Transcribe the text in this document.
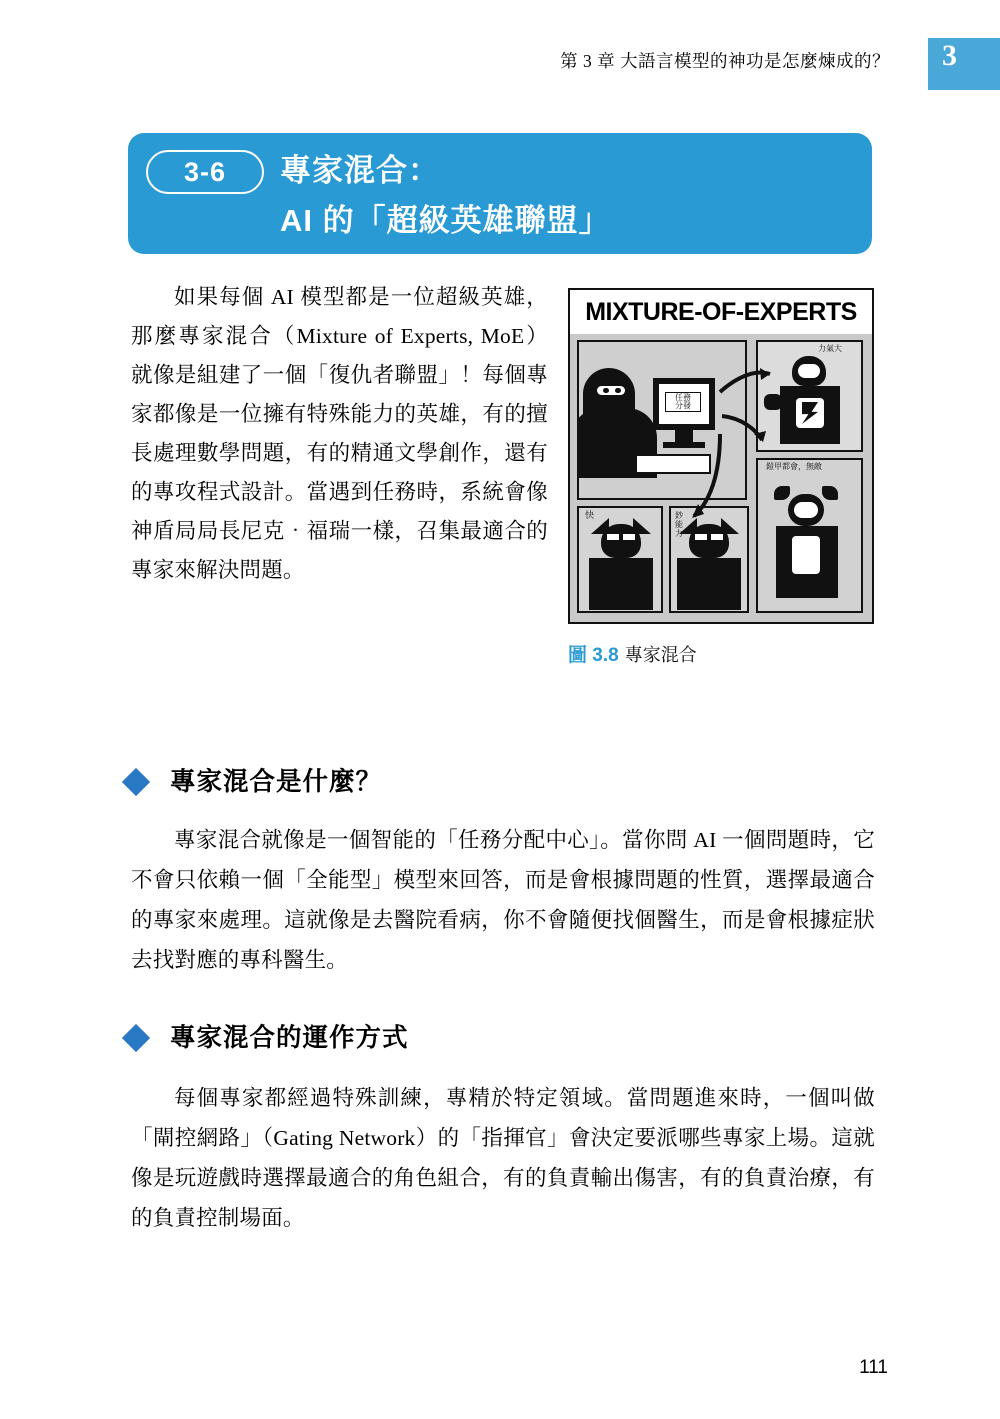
第 3 章 大語言模型的神功是怎麼煉成的？ 3
3-6	專家混合：
AI 的「超級英雄聯盟」

如果每個 AI 模型都是一位超級英雄，那麼專家混合（Mixture of Experts, MoE）就像是組建了一個「復仇者聯盟」！每個專家都像是一位擁有特殊能力的英雄，有的擅長處理數學問題，有的精通文學創作，還有的專攻程式設計。當遇到任務時，系統會像神盾局局長尼克‧福瑞一樣，召集最適合的專家來解決問題。

MIXTURE-OF-EXPERTS
任務
分發
力氣大
鎧甲都會，無敵
快	鈔
能
力
圖 3.8 專家混合
專家混合是什麼？

專家混合就像是一個智能的「任務分配中心」。當你問 AI 一個問題時，它不會只依賴一個「全能型」模型來回答，而是會根據問題的性質，選擇最適合的專家來處理。這就像是去醫院看病，你不會隨便找個醫生，而是會根據症狀去找對應的專科醫生。

專家混合的運作方式

每個專家都經過特殊訓練，專精於特定領域。當問題進來時，一個叫做「閘控網路」（Gating Network）的「指揮官」會決定要派哪些專家上場。這就像是玩遊戲時選擇最適合的角色組合，有的負責輸出傷害，有的負責治療，有的負責控制場面。

111
